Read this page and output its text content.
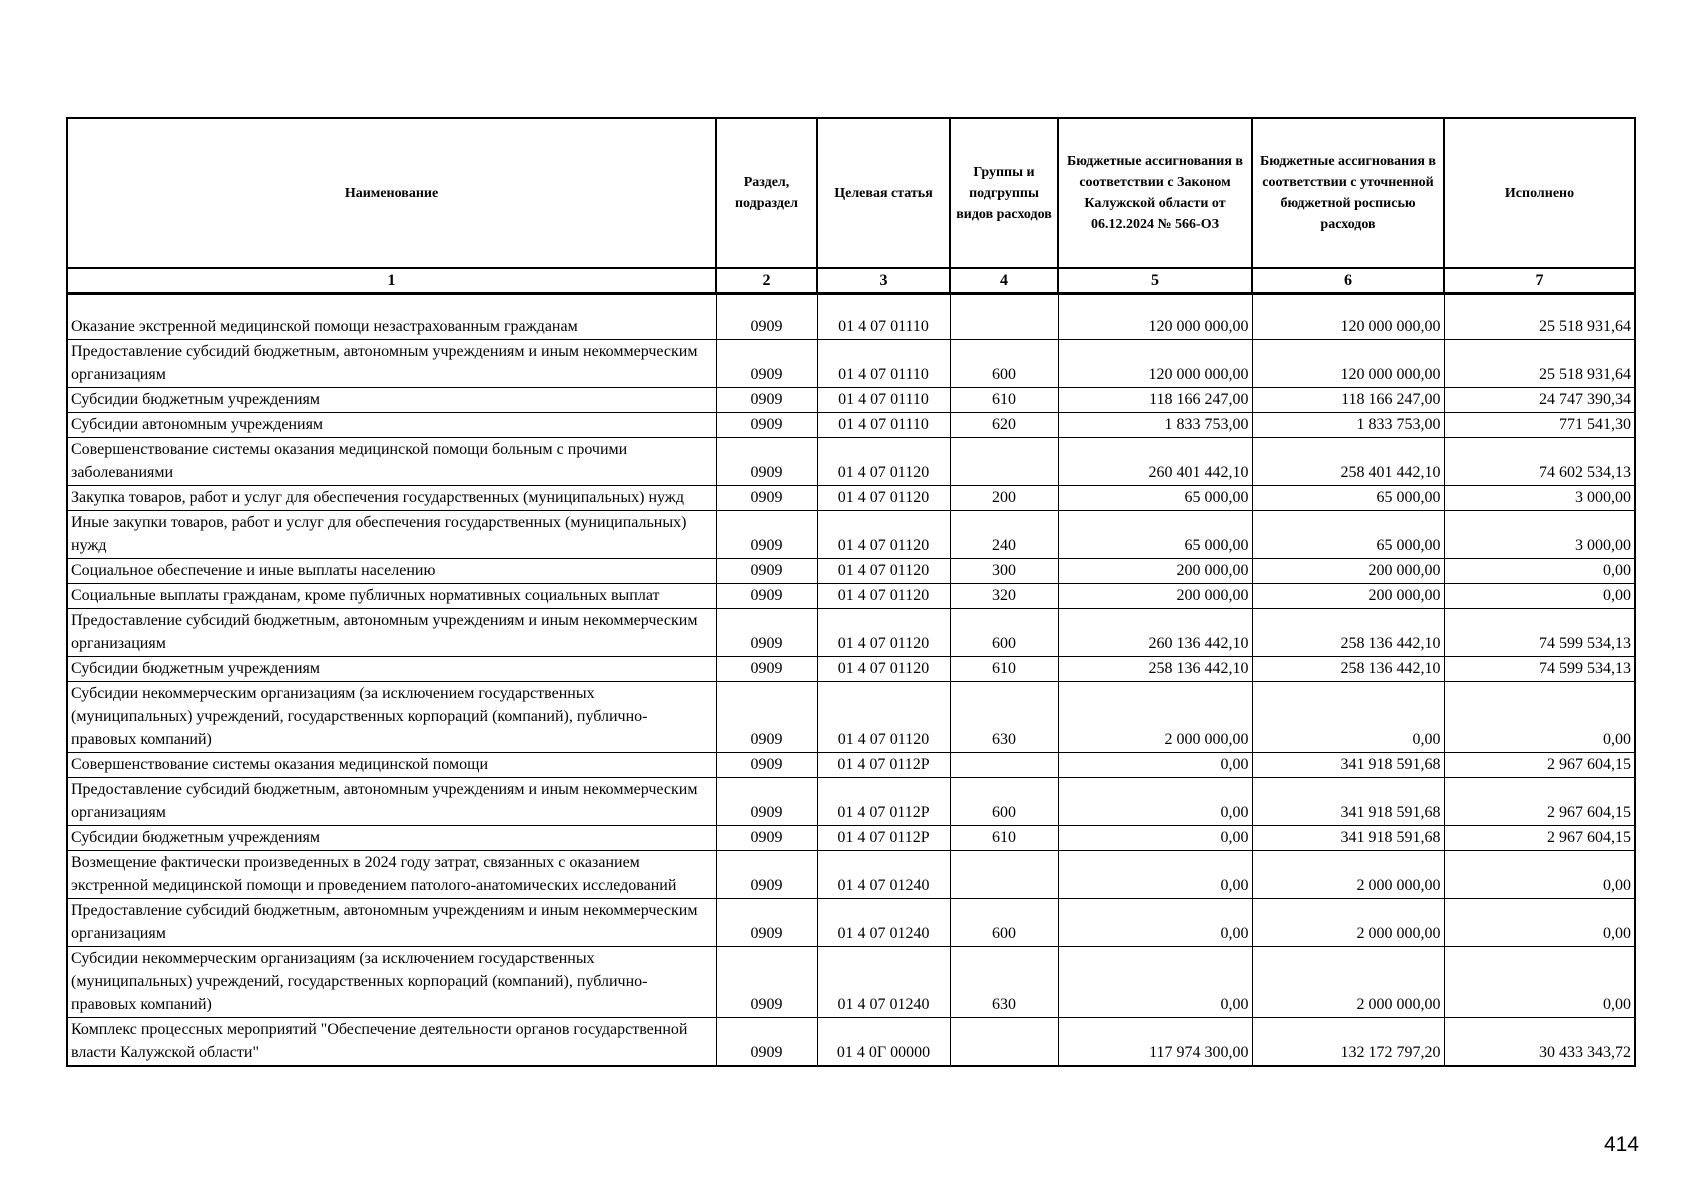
Наименование	Раздел, подраздел	Целевая статья	Группы и подгруппы видов расходов	Бюджетные ассигнования в соответствии с Законом Калужской области от 06.12.2024 № 566-ОЗ	Бюджетные ассигнования в соответствии с уточненной бюджетной росписью расходов	Исполнено
1	2	3	4	5	6	7

Оказание экстренной медицинской помощи незастрахованным гражданам	0909	01 4 07 01110		120 000 000,00	120 000 000,00	25 518 931,64
Предоставление субсидий бюджетным, автономным учреждениям и иным некоммерческим организациям	0909	01 4 07 01110	600	120 000 000,00	120 000 000,00	25 518 931,64
Субсидии бюджетным учреждениям	0909	01 4 07 01110	610	118 166 247,00	118 166 247,00	24 747 390,34
Субсидии автономным учреждениям	0909	01 4 07 01110	620	1 833 753,00	1 833 753,00	771 541,30
Совершенствование системы оказания медицинской помощи больным с прочими заболеваниями	0909	01 4 07 01120		260 401 442,10	258 401 442,10	74 602 534,13
Закупка товаров, работ и услуг для обеспечения государственных (муниципальных) нужд	0909	01 4 07 01120	200	65 000,00	65 000,00	3 000,00
Иные закупки товаров, работ и услуг для обеспечения государственных (муниципальных) нужд	0909	01 4 07 01120	240	65 000,00	65 000,00	3 000,00
Социальное обеспечение и иные выплаты населению	0909	01 4 07 01120	300	200 000,00	200 000,00	0,00
Социальные выплаты гражданам, кроме публичных нормативных социальных выплат	0909	01 4 07 01120	320	200 000,00	200 000,00	0,00
Предоставление субсидий бюджетным, автономным учреждениям и иным некоммерческим организациям	0909	01 4 07 01120	600	260 136 442,10	258 136 442,10	74 599 534,13
Субсидии бюджетным учреждениям	0909	01 4 07 01120	610	258 136 442,10	258 136 442,10	74 599 534,13
Субсидии некоммерческим организациям (за исключением государственных (муниципальных) учреждений, государственных корпораций (компаний), публично-правовых компаний)	0909	01 4 07 01120	630	2 000 000,00	0,00	0,00
Совершенствование системы оказания медицинской помощи	0909	01 4 07 0112Р		0,00	341 918 591,68	2 967 604,15
Предоставление субсидий бюджетным, автономным учреждениям и иным некоммерческим организациям	0909	01 4 07 0112Р	600	0,00	341 918 591,68	2 967 604,15
Субсидии бюджетным учреждениям	0909	01 4 07 0112Р	610	0,00	341 918 591,68	2 967 604,15
Возмещение фактически произведенных в 2024 году затрат, связанных с оказанием экстренной медицинской помощи и проведением патолого-анатомических исследований	0909	01 4 07 01240		0,00	2 000 000,00	0,00
Предоставление субсидий бюджетным, автономным учреждениям и иным некоммерческим организациям	0909	01 4 07 01240	600	0,00	2 000 000,00	0,00
Субсидии некоммерческим организациям (за исключением государственных (муниципальных) учреждений, государственных корпораций (компаний), публично-правовых компаний)	0909	01 4 07 01240	630	0,00	2 000 000,00	0,00
Комплекс процессных мероприятий "Обеспечение деятельности органов государственной власти Калужской области"	0909	01 4 0Г 00000		117 974 300,00	132 172 797,20	30 433 343,72
414
